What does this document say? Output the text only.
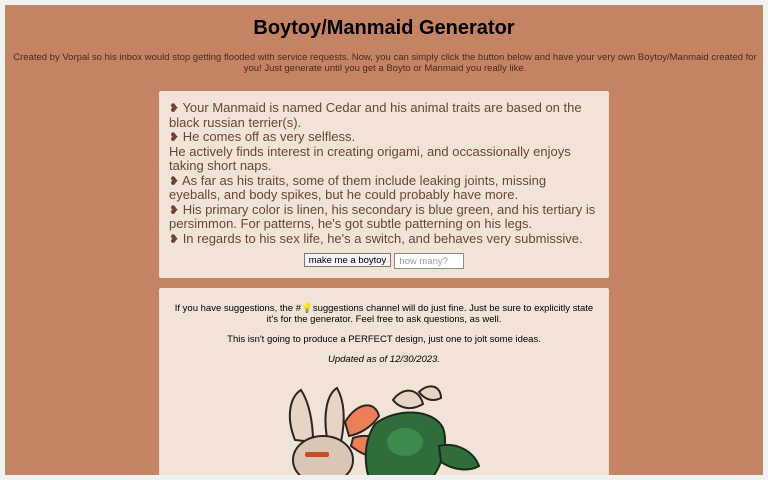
Boytoy/Manmaid Generator
Created by Vorpal so his inbox would stop getting flooded with service requests. Now, you can simply click the button below and have your very own Boytoy/Manmaid created for you! Just generate until you get a Boyto or Manmaid you really like.

❥ Your Manmaid is named Cedar and his animal traits are based on the black russian terrier(s).

❥ He comes off as very selfless.

He actively finds interest in creating origami, and occassionally enjoys taking short naps.

❥ As far as his traits, some of them include leaking joints, missing eyeballs, and body spikes, but he could probably have more.

❥ His primary color is linen, his secondary is blue green, and his tertiary is persimmon. For patterns, he's got subtle patterning on his legs.

❥ In regards to his sex life, he's a switch, and behaves very submissive.

make me a boytoy how many?

If you have suggestions, the #💡suggestions channel will do just fine. Just be sure to explicitly state it's for the generator. Feel free to ask questions, as well.

This isn't going to produce a PERFECT design, just one to jolt some ideas.

Updated as of 12/30/2023.
